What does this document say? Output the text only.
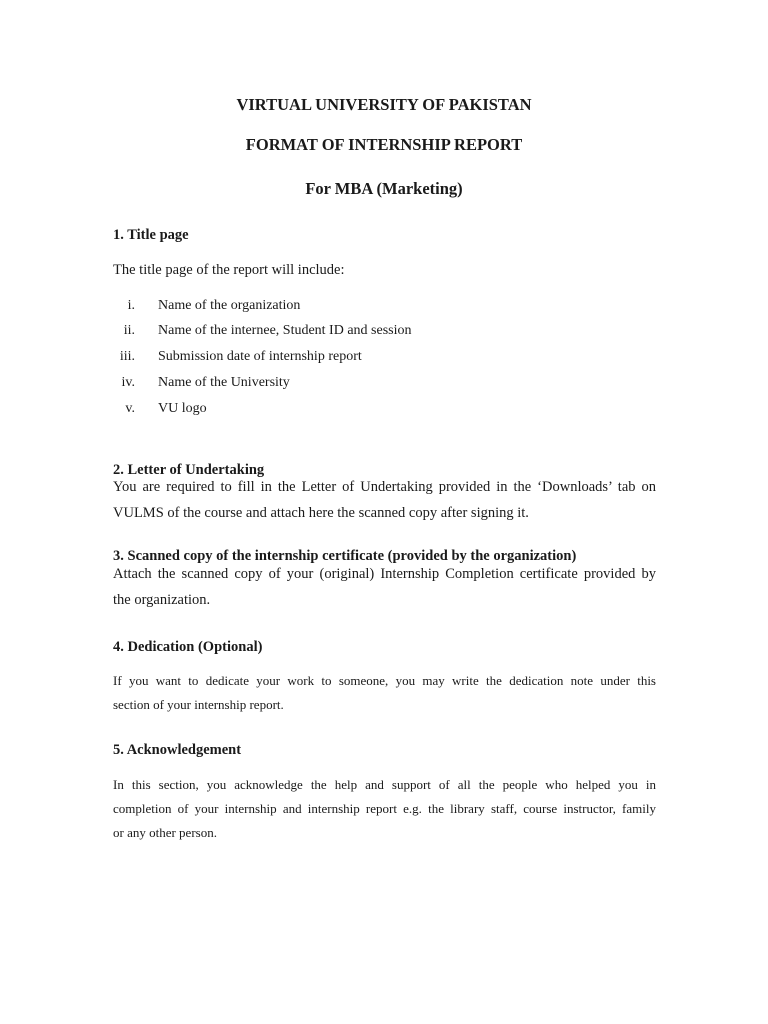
VIRTUAL UNIVERSITY OF PAKISTAN

FORMAT OF INTERNSHIP REPORT

For MBA (Marketing)

1. Title page

The title page of the report will include:

i. Name of the organization
ii. Name of the internee, Student ID and session
iii. Submission date of internship report
iv. Name of the University
v. VU logo

2. Letter of Undertaking

You are required to fill in the Letter of Undertaking provided in the ‘Downloads’ tab on

VULMS of the course and attach here the scanned copy after signing it.

3. Scanned copy of the internship certificate (provided by the organization)

Attach the scanned copy of your (original) Internship Completion certificate provided by

the organization.

4. Dedication (Optional)

If you want to dedicate your work to someone, you may write the dedication note under this

section of your internship report.

5. Acknowledgement

In this section, you acknowledge the help and support of all the people who helped you in

completion of your internship and internship report e.g. the library staff, course instructor, family

or any other person.
